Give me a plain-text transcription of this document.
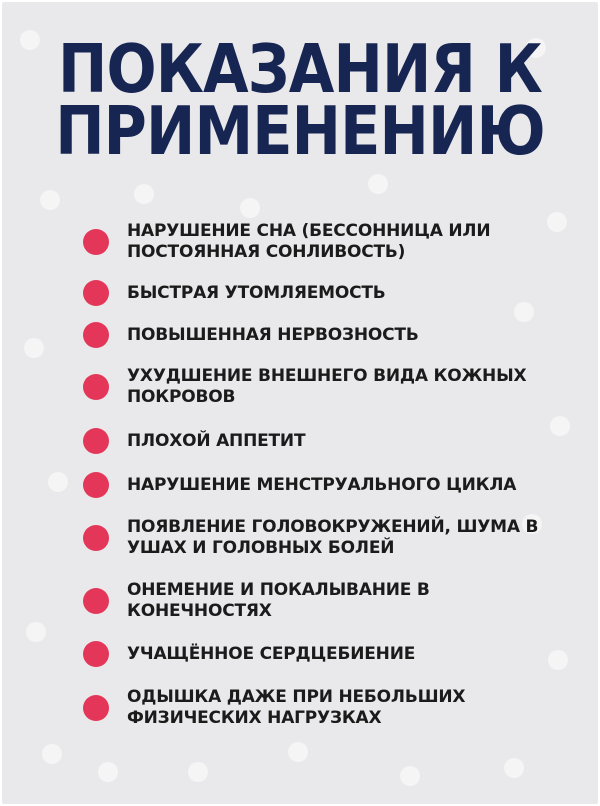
ПОКАЗАНИЯ К
ПРИМЕНЕНИЮ
НАРУШЕНИЕ СНА (БЕССОННИЦА ИЛИ ПОСТОЯННАЯ СОНЛИВОСТЬ)
БЫСТРАЯ УТОМЛЯЕМОСТЬ
ПОВЫШЕННАЯ НЕРВОЗНОСТЬ
УХУДШЕНИЕ ВНЕШНЕГО ВИДА КОЖНЫХ ПОКРОВОВ
ПЛОХОЙ АППЕТИТ
НАРУШЕНИЕ МЕНСТРУАЛЬНОГО ЦИКЛА
ПОЯВЛЕНИЕ ГОЛОВОКРУЖЕНИЙ, ШУМА В УШАХ И ГОЛОВНЫХ БОЛЕЙ
ОНЕМЕНИЕ И ПОКАЛЫВАНИЕ В КОНЕЧНОСТЯХ
УЧАЩЁННОЕ СЕРДЦЕБИЕНИЕ
ОДЫШКА ДАЖЕ ПРИ НЕБОЛЬШИХ ФИЗИЧЕСКИХ НАГРУЗКАХ
